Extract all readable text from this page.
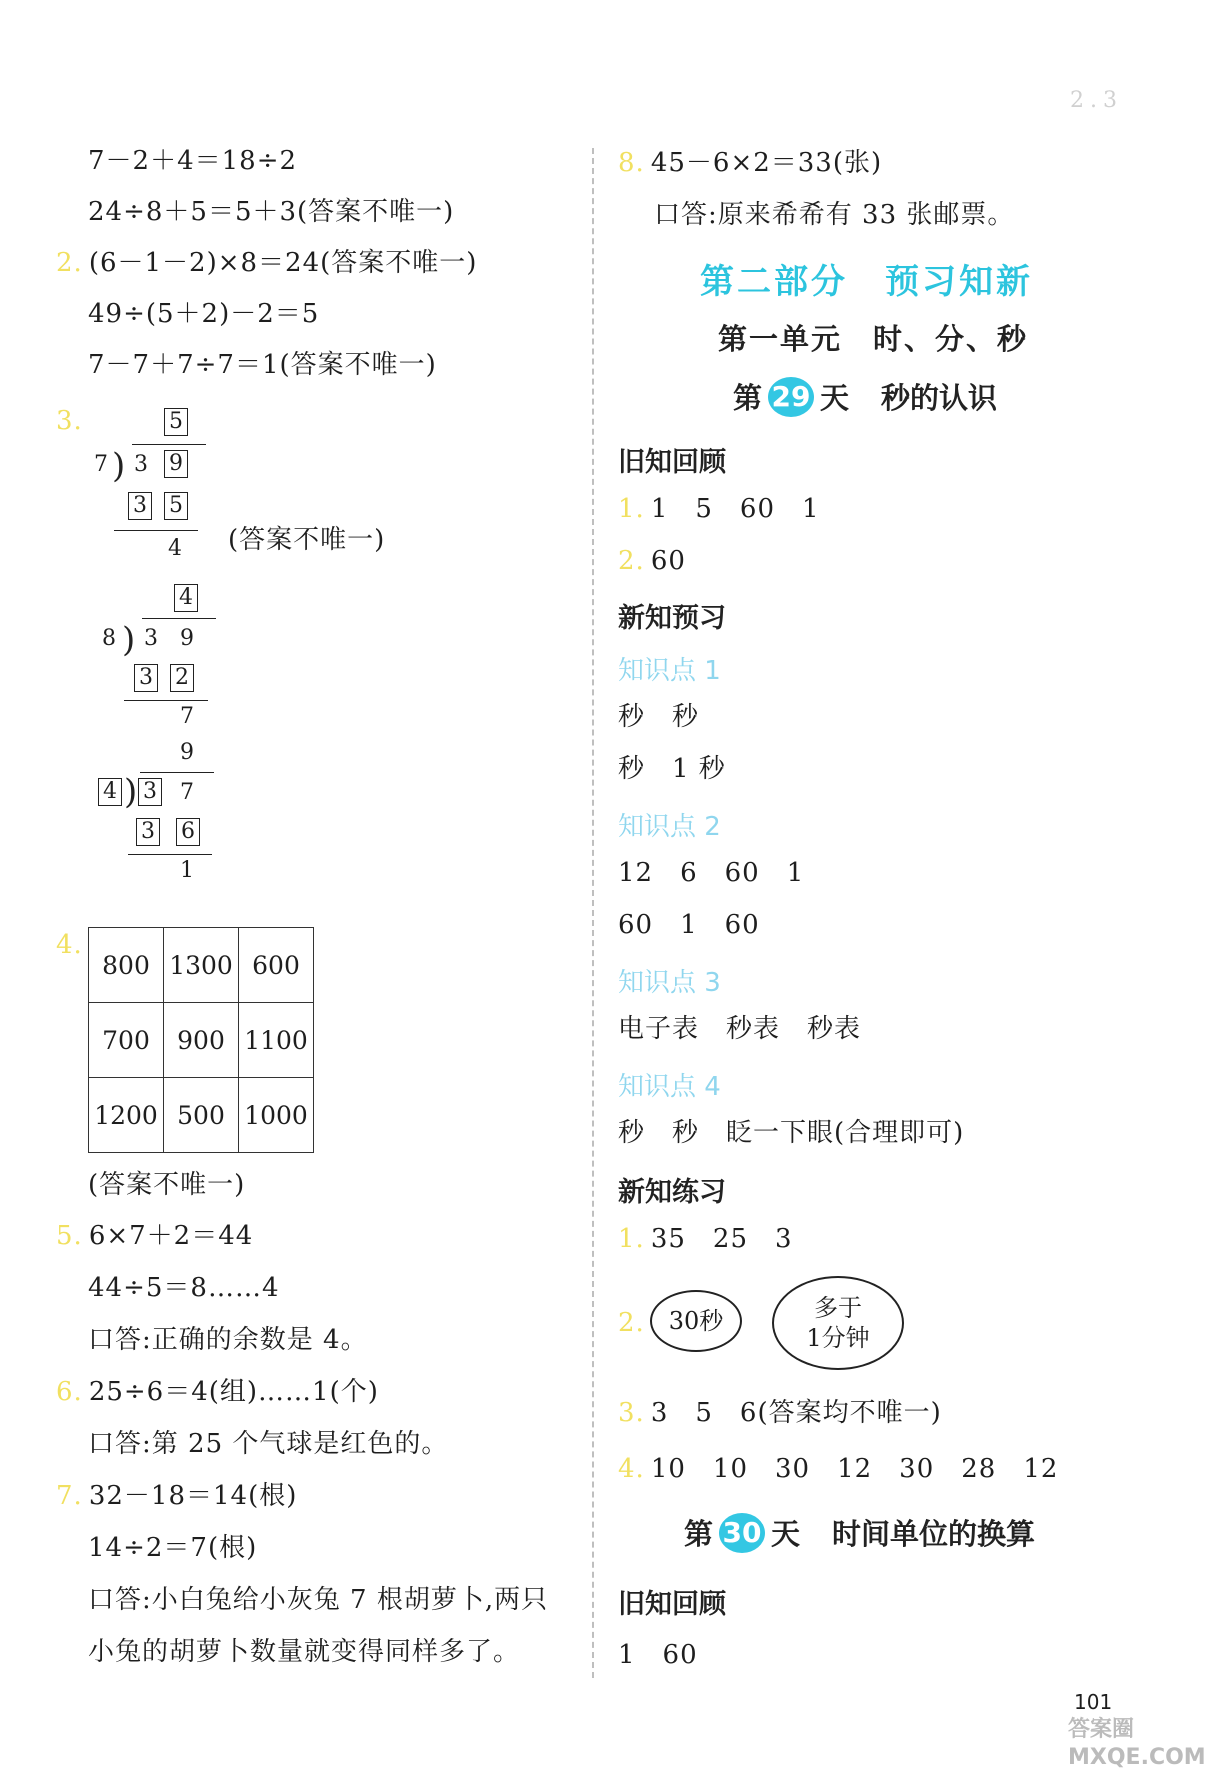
2.3
7－2＋4＝18÷2
24÷8＋5＝5＋3(答案不唯一)
2. (6－1－2)×8＝24(答案不唯一)
49÷(5＋2)－2＝5
7－7＋7÷7＝1(答案不唯一)
3.	5
7 ) 3 9
3 5
4 (答案不唯一)
4
8 ) 3 9
3 2
7
9
4 ) 3 7
3 6
1
4.
800	1300	600
700	900	1100
1200	500	1000
(答案不唯一)
5. 6×7＋2＝44
44÷5＝8……4
口答:正确的余数是 4。
6. 25÷6＝4(组)……1(个)
口答:第 25 个气球是红色的。
7. 32－18＝14(根)
14÷2＝7(根)
口答:小白兔给小灰兔 7 根胡萝卜,两只
小兔的胡萝卜数量就变得同样多了。
8. 45－6×2＝33(张)
口答:原来希希有 33 张邮票。
第二部分　预习知新
第一单元　时、分、秒
第 29 天 秒的认识
旧知回顾
1. 1　5　60　1
2. 60
新知预习
知识点 1
秒　秒
秒　1 秒
知识点 2
12　6　60　1
60　1　60
知识点 3
电子表　秒表　秒表
知识点 4
秒　秒　眨一下眼(合理即可)
新知练习
1. 35　25　3
2. 30秒	多于
1分钟
3. 3　5　6(答案均不唯一)
4. 10　10　30　12　30　28　12
第 30 天 时间单位的换算
旧知回顾
1　60
101
答案圈 MXQE.COM
